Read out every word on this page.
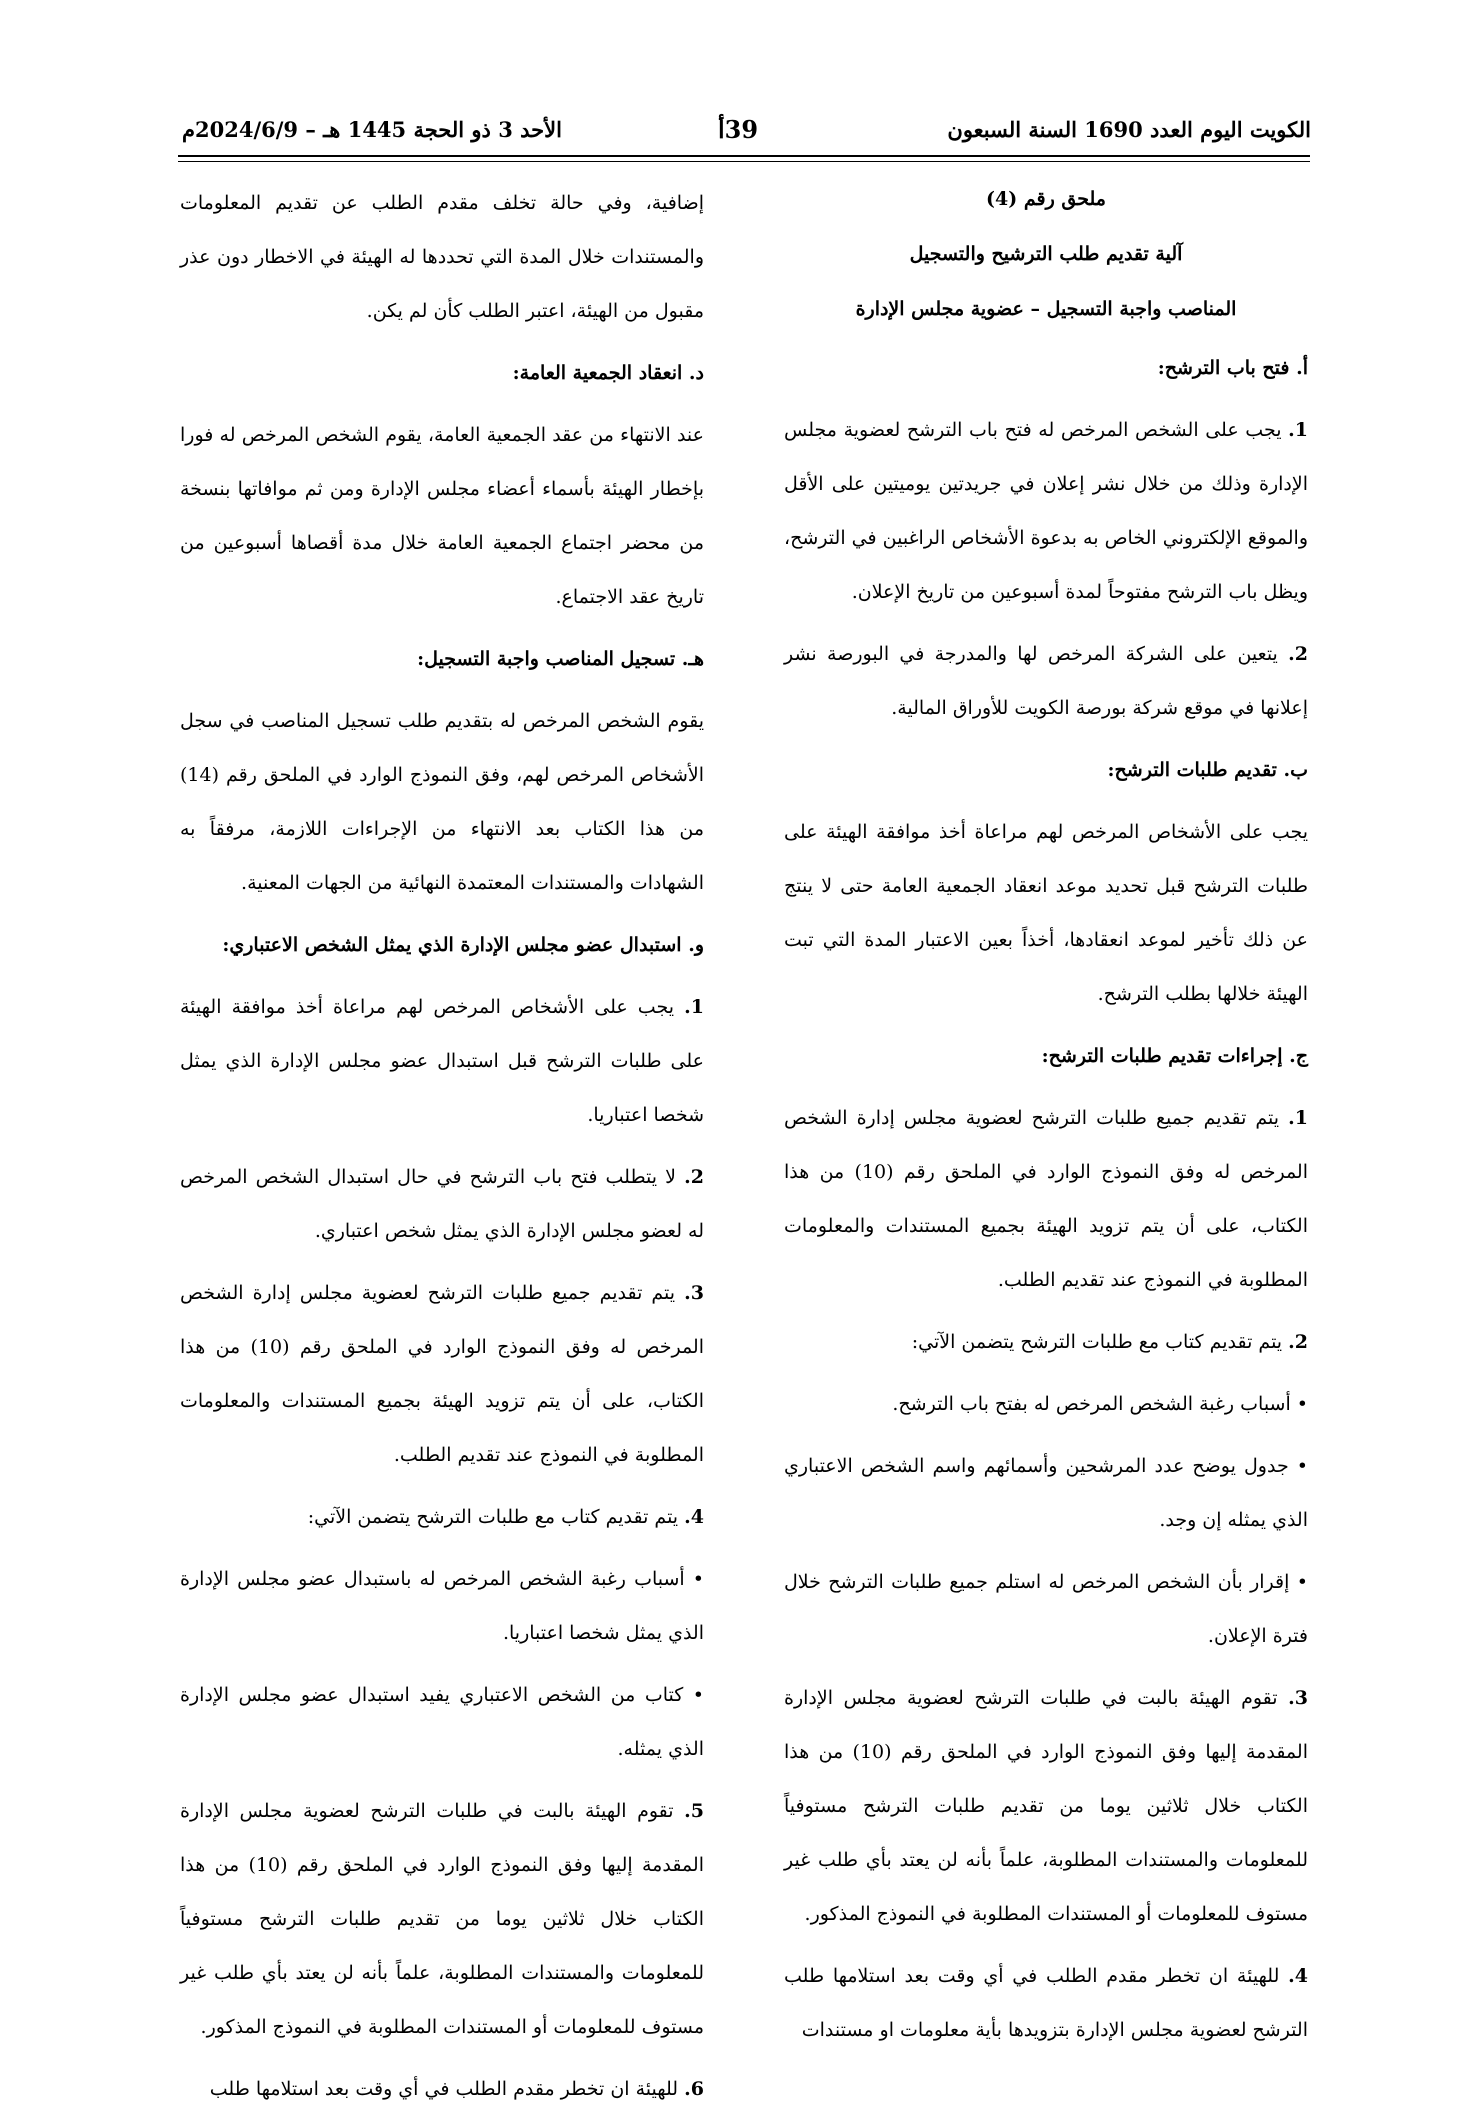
الكويت اليوم العدد 1690 السنة السبعون
39أ
الأحد 3 ذو الحجة 1445 هـ – 2024/6/9م
ملحق رقم (4)
آلية تقديم طلب الترشيح والتسجيل
المناصب واجبة التسجيل – عضوية مجلس الإدارة
أ. فتح باب الترشح:
1. يجب على الشخص المرخص له فتح باب الترشح لعضوية مجلس الإدارة وذلك من خلال نشر إعلان في جريدتين يوميتين على الأقل والموقع الإلكتروني الخاص به بدعوة الأشخاص الراغبين في الترشح، ويظل باب الترشح مفتوحاً لمدة أسبوعين من تاريخ الإعلان.
2. يتعين على الشركة المرخص لها والمدرجة في البورصة نشر إعلانها في موقع شركة بورصة الكويت للأوراق المالية.
ب. تقديم طلبات الترشح:
يجب على الأشخاص المرخص لهم مراعاة أخذ موافقة الهيئة على طلبات الترشح قبل تحديد موعد انعقاد الجمعية العامة حتى لا ينتج عن ذلك تأخير لموعد انعقادها، أخذاً بعين الاعتبار المدة التي تبت الهيئة خلالها بطلب الترشح.
ج. إجراءات تقديم طلبات الترشح:
1. يتم تقديم جميع طلبات الترشح لعضوية مجلس إدارة الشخص المرخص له وفق النموذج الوارد في الملحق رقم (10) من هذا الكتاب، على أن يتم تزويد الهيئة بجميع المستندات والمعلومات المطلوبة في النموذج عند تقديم الطلب.
2. يتم تقديم كتاب مع طلبات الترشح يتضمن الآتي:
• أسباب رغبة الشخص المرخص له بفتح باب الترشح.
• جدول يوضح عدد المرشحين وأسمائهم واسم الشخص الاعتباري الذي يمثله إن وجد.
• إقرار بأن الشخص المرخص له استلم جميع طلبات الترشح خلال فترة الإعلان.
3. تقوم الهيئة بالبت في طلبات الترشح لعضوية مجلس الإدارة المقدمة إليها وفق النموذج الوارد في الملحق رقم (10) من هذا الكتاب خلال ثلاثين يوما من تقديم طلبات الترشح مستوفياً للمعلومات والمستندات المطلوبة، علماً بأنه لن يعتد بأي طلب غير مستوف للمعلومات أو المستندات المطلوبة في النموذج المذكور.
4. للهيئة ان تخطر مقدم الطلب في أي وقت بعد استلامها طلب الترشح لعضوية مجلس الإدارة بتزويدها بأية معلومات او مستندات
إضافية، وفي حالة تخلف مقدم الطلب عن تقديم المعلومات والمستندات خلال المدة التي تحددها له الهيئة في الاخطار دون عذر مقبول من الهيئة، اعتبر الطلب كأن لم يكن.
د. انعقاد الجمعية العامة:
عند الانتهاء من عقد الجمعية العامة، يقوم الشخص المرخص له فورا بإخطار الهيئة بأسماء أعضاء مجلس الإدارة ومن ثم موافاتها بنسخة من محضر اجتماع الجمعية العامة خلال مدة أقصاها أسبوعين من تاريخ عقد الاجتماع.
هـ. تسجيل المناصب واجبة التسجيل:
يقوم الشخص المرخص له بتقديم طلب تسجيل المناصب في سجل الأشخاص المرخص لهم، وفق النموذج الوارد في الملحق رقم (14) من هذا الكتاب بعد الانتهاء من الإجراءات اللازمة، مرفقاً به الشهادات والمستندات المعتمدة النهائية من الجهات المعنية.
و. استبدال عضو مجلس الإدارة الذي يمثل الشخص الاعتباري:
1. يجب على الأشخاص المرخص لهم مراعاة أخذ موافقة الهيئة على طلبات الترشح قبل استبدال عضو مجلس الإدارة الذي يمثل شخصا اعتباريا.
2. لا يتطلب فتح باب الترشح في حال استبدال الشخص المرخص له لعضو مجلس الإدارة الذي يمثل شخص اعتباري.
3. يتم تقديم جميع طلبات الترشح لعضوية مجلس إدارة الشخص المرخص له وفق النموذج الوارد في الملحق رقم (10) من هذا الكتاب، على أن يتم تزويد الهيئة بجميع المستندات والمعلومات المطلوبة في النموذج عند تقديم الطلب.
4. يتم تقديم كتاب مع طلبات الترشح يتضمن الآتي:
• أسباب رغبة الشخص المرخص له باستبدال عضو مجلس الإدارة الذي يمثل شخصا اعتباريا.
• كتاب من الشخص الاعتباري يفيد استبدال عضو مجلس الإدارة الذي يمثله.
5. تقوم الهيئة بالبت في طلبات الترشح لعضوية مجلس الإدارة المقدمة إليها وفق النموذج الوارد في الملحق رقم (10) من هذا الكتاب خلال ثلاثين يوما من تقديم طلبات الترشح مستوفياً للمعلومات والمستندات المطلوبة، علماً بأنه لن يعتد بأي طلب غير مستوف للمعلومات أو المستندات المطلوبة في النموذج المذكور.
6. للهيئة ان تخطر مقدم الطلب في أي وقت بعد استلامها طلب
